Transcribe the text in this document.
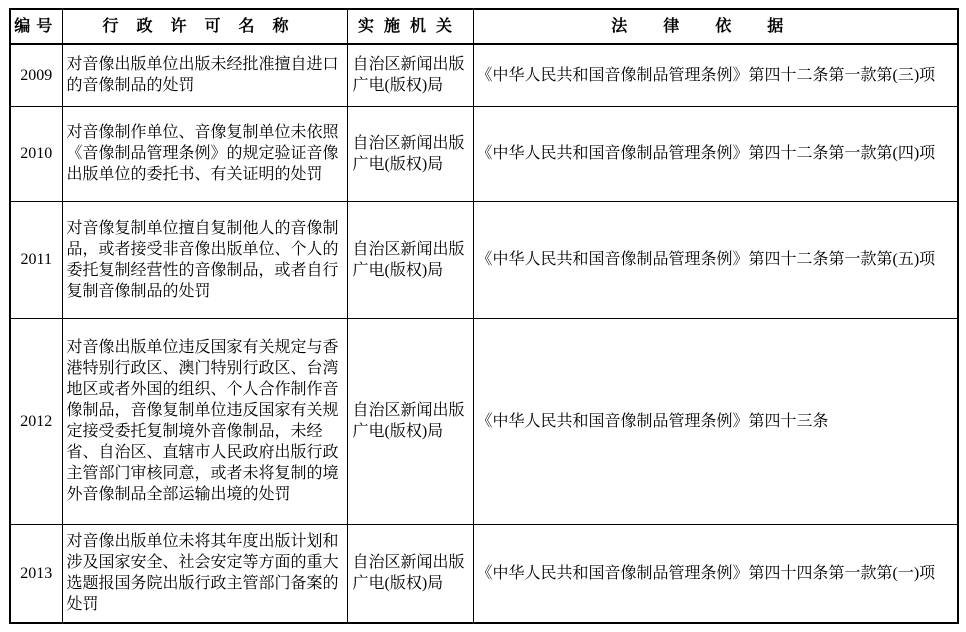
编号	行政许可名称	实施机关	法律依据
2009	对音像出版单位出版未经批准擅自进口的音像制品的处罚	自治区新闻出版广电(版权)局	《中华人民共和国音像制品管理条例》第四十二条第一款第(三)项
2010	对音像制作单位、音像复制单位未依照《音像制品管理条例》的规定验证音像出版单位的委托书、有关证明的处罚	自治区新闻出版广电(版权)局	《中华人民共和国音像制品管理条例》第四十二条第一款第(四)项
2011	对音像复制单位擅自复制他人的音像制品，或者接受非音像出版单位、个人的委托复制经营性的音像制品，或者自行复制音像制品的处罚	自治区新闻出版广电(版权)局	《中华人民共和国音像制品管理条例》第四十二条第一款第(五)项
2012	对音像出版单位违反国家有关规定与香港特别行政区、澳门特别行政区、台湾地区或者外国的组织、个人合作制作音像制品，音像复制单位违反国家有关规定接受委托复制境外音像制品，未经省、自治区、直辖市人民政府出版行政主管部门审核同意，或者未将复制的境外音像制品全部运输出境的处罚	自治区新闻出版广电(版权)局	《中华人民共和国音像制品管理条例》第四十三条
2013	对音像出版单位未将其年度出版计划和涉及国家安全、社会安定等方面的重大选题报国务院出版行政主管部门备案的处罚	自治区新闻出版广电(版权)局	《中华人民共和国音像制品管理条例》第四十四条第一款第(一)项
